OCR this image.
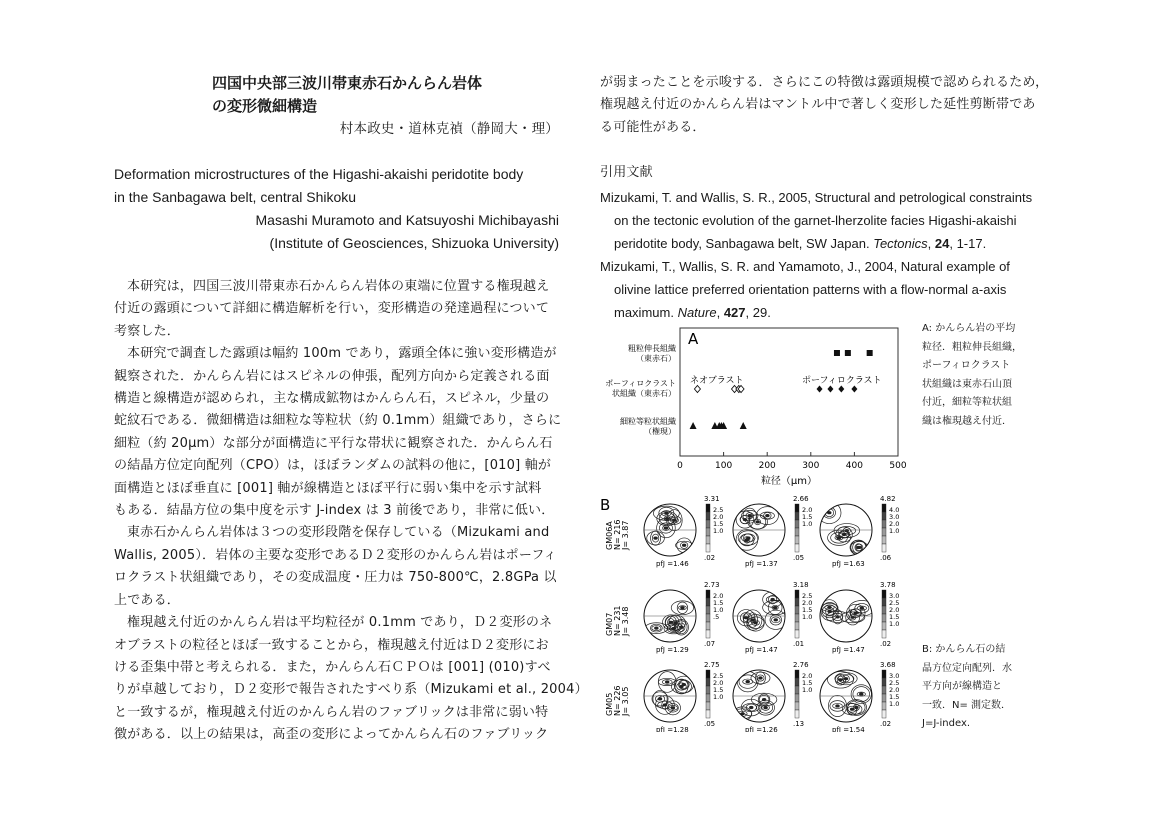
四国中央部三波川帯東赤石かんらん岩体
の変形微細構造
村本政史・道林克禎（静岡大・理）
Deformation microstructures of the Higashi-akaishi peridotite body
in the Sanbagawa belt, central Shikoku
Masashi Muramoto and Katsuyoshi Michibayashi
(Institute of Geosciences, Shizuoka University)
本研究は，四国三波川帯東赤石かんらん岩体の東端に位置する権現越え
付近の露頭について詳細に構造解析を行い，変形構造の発達過程について
考察した．
本研究で調査した露頭は幅約 100m であり，露頭全体に強い変形構造が
観察された．かんらん岩にはスピネルの伸張，配列方向から定義される面
構造と線構造が認められ，主な構成鉱物はかんらん石，スピネル，少量の
蛇紋石である．微細構造は細粒な等粒状（約 0.1mm）組織であり，さらに
細粒（約 20μm）な部分が面構造に平行な帯状に観察された．かんらん石
の結晶方位定向配列（CPO）は，ほぼランダムの試料の他に，[010] 軸が
面構造とほぼ垂直に [001] 軸が線構造とほぼ平行に弱い集中を示す試料
もある．結晶方位の集中度を示す J-index は 3 前後であり，非常に低い．
東赤石かんらん岩体は３つの変形段階を保存している（Mizukami and
Wallis, 2005）．岩体の主要な変形であるＤ２変形のかんらん岩はポーフィ
ロクラスト状組織であり，その変成温度・圧力は 750-800℃，2.8GPa 以
上である．
権現越え付近のかんらん岩は平均粒径が 0.1mm であり，Ｄ２変形のネ
オブラストの粒径とほぼ一致することから，権現越え付近はＤ２変形にお
ける歪集中帯と考えられる．また，かんらん石ＣＰＯは [001] (010)すべ
りが卓越しており，Ｄ２変形で報告されたすべり系（Mizukami et al., 2004）
と一致するが，権現越え付近のかんらん岩のファブリックは非常に弱い特
徴がある．以上の結果は，高歪の変形によってかんらん石のファブリック
が弱まったことを示唆する．さらにこの特徴は露頭規模で認められるため，
権現越え付近のかんらん岩はマントル中で著しく変形した延性剪断帯であ
る可能性がある．
引用文献

Mizukami, T. and Wallis, S. R., 2005, Structural and petrological constraints on the tectonic evolution of the garnet-lherzolite facies Higashi-akaishi peridotite body, Sanbagawa belt, SW Japan. Tectonics, 24, 1-17.

Mizukami, T., Wallis, S. R. and Yamamoto, J., 2004, Natural example of olivine lattice preferred orientation patterns with a flow-normal a-axis maximum. Nature, 427, 29.

A
粗粒伸長組織
（東赤石）
ポーフィロクラスト
状組織（東赤石）
細粒等粒状組織
（権現）
ネオブラスト	ポーフィロクラスト
0	100	200	300	400	500
粒径（μm）
A: かんらん岩の平均
粒径．粗粒伸長組織，
ポーフィロクラスト
状組織は東赤石山頂
付近，細粒等粒状組
織は権現越え付近．
B
GM06A N= 216 J= 3.87
3.31
.02
2.5
2.0
1.5
1.0
pfJ =1.46
2.66
.05
2.0
1.5
1.0
pfJ =1.37
4.82
.06
4.0
3.0
2.0
1.0
pfJ =1.63
GM07 N= 231 J= 3.48
2.73
.07
2.0
1.5
1.0
.5
pfJ =1.29
3.18
.01
2.5
2.0
1.5
1.0
pfJ =1.47
3.78
.02
3.0
2.5
2.0
1.5
1.0
pfJ =1.47
GM05 N= 226 J= 3.05
2.75
.05
2.5
2.0
1.5
1.0
pfJ =1.28
2.76
.13
2.0
1.5
1.0
pfJ =1.26
3.68
.02
3.0
2.5
2.0
1.5
1.0
pfJ =1.54
B: かんらん石の結
晶方位定向配列．水
平方向が線構造と
一致．N= 測定数．
J=J-index.
